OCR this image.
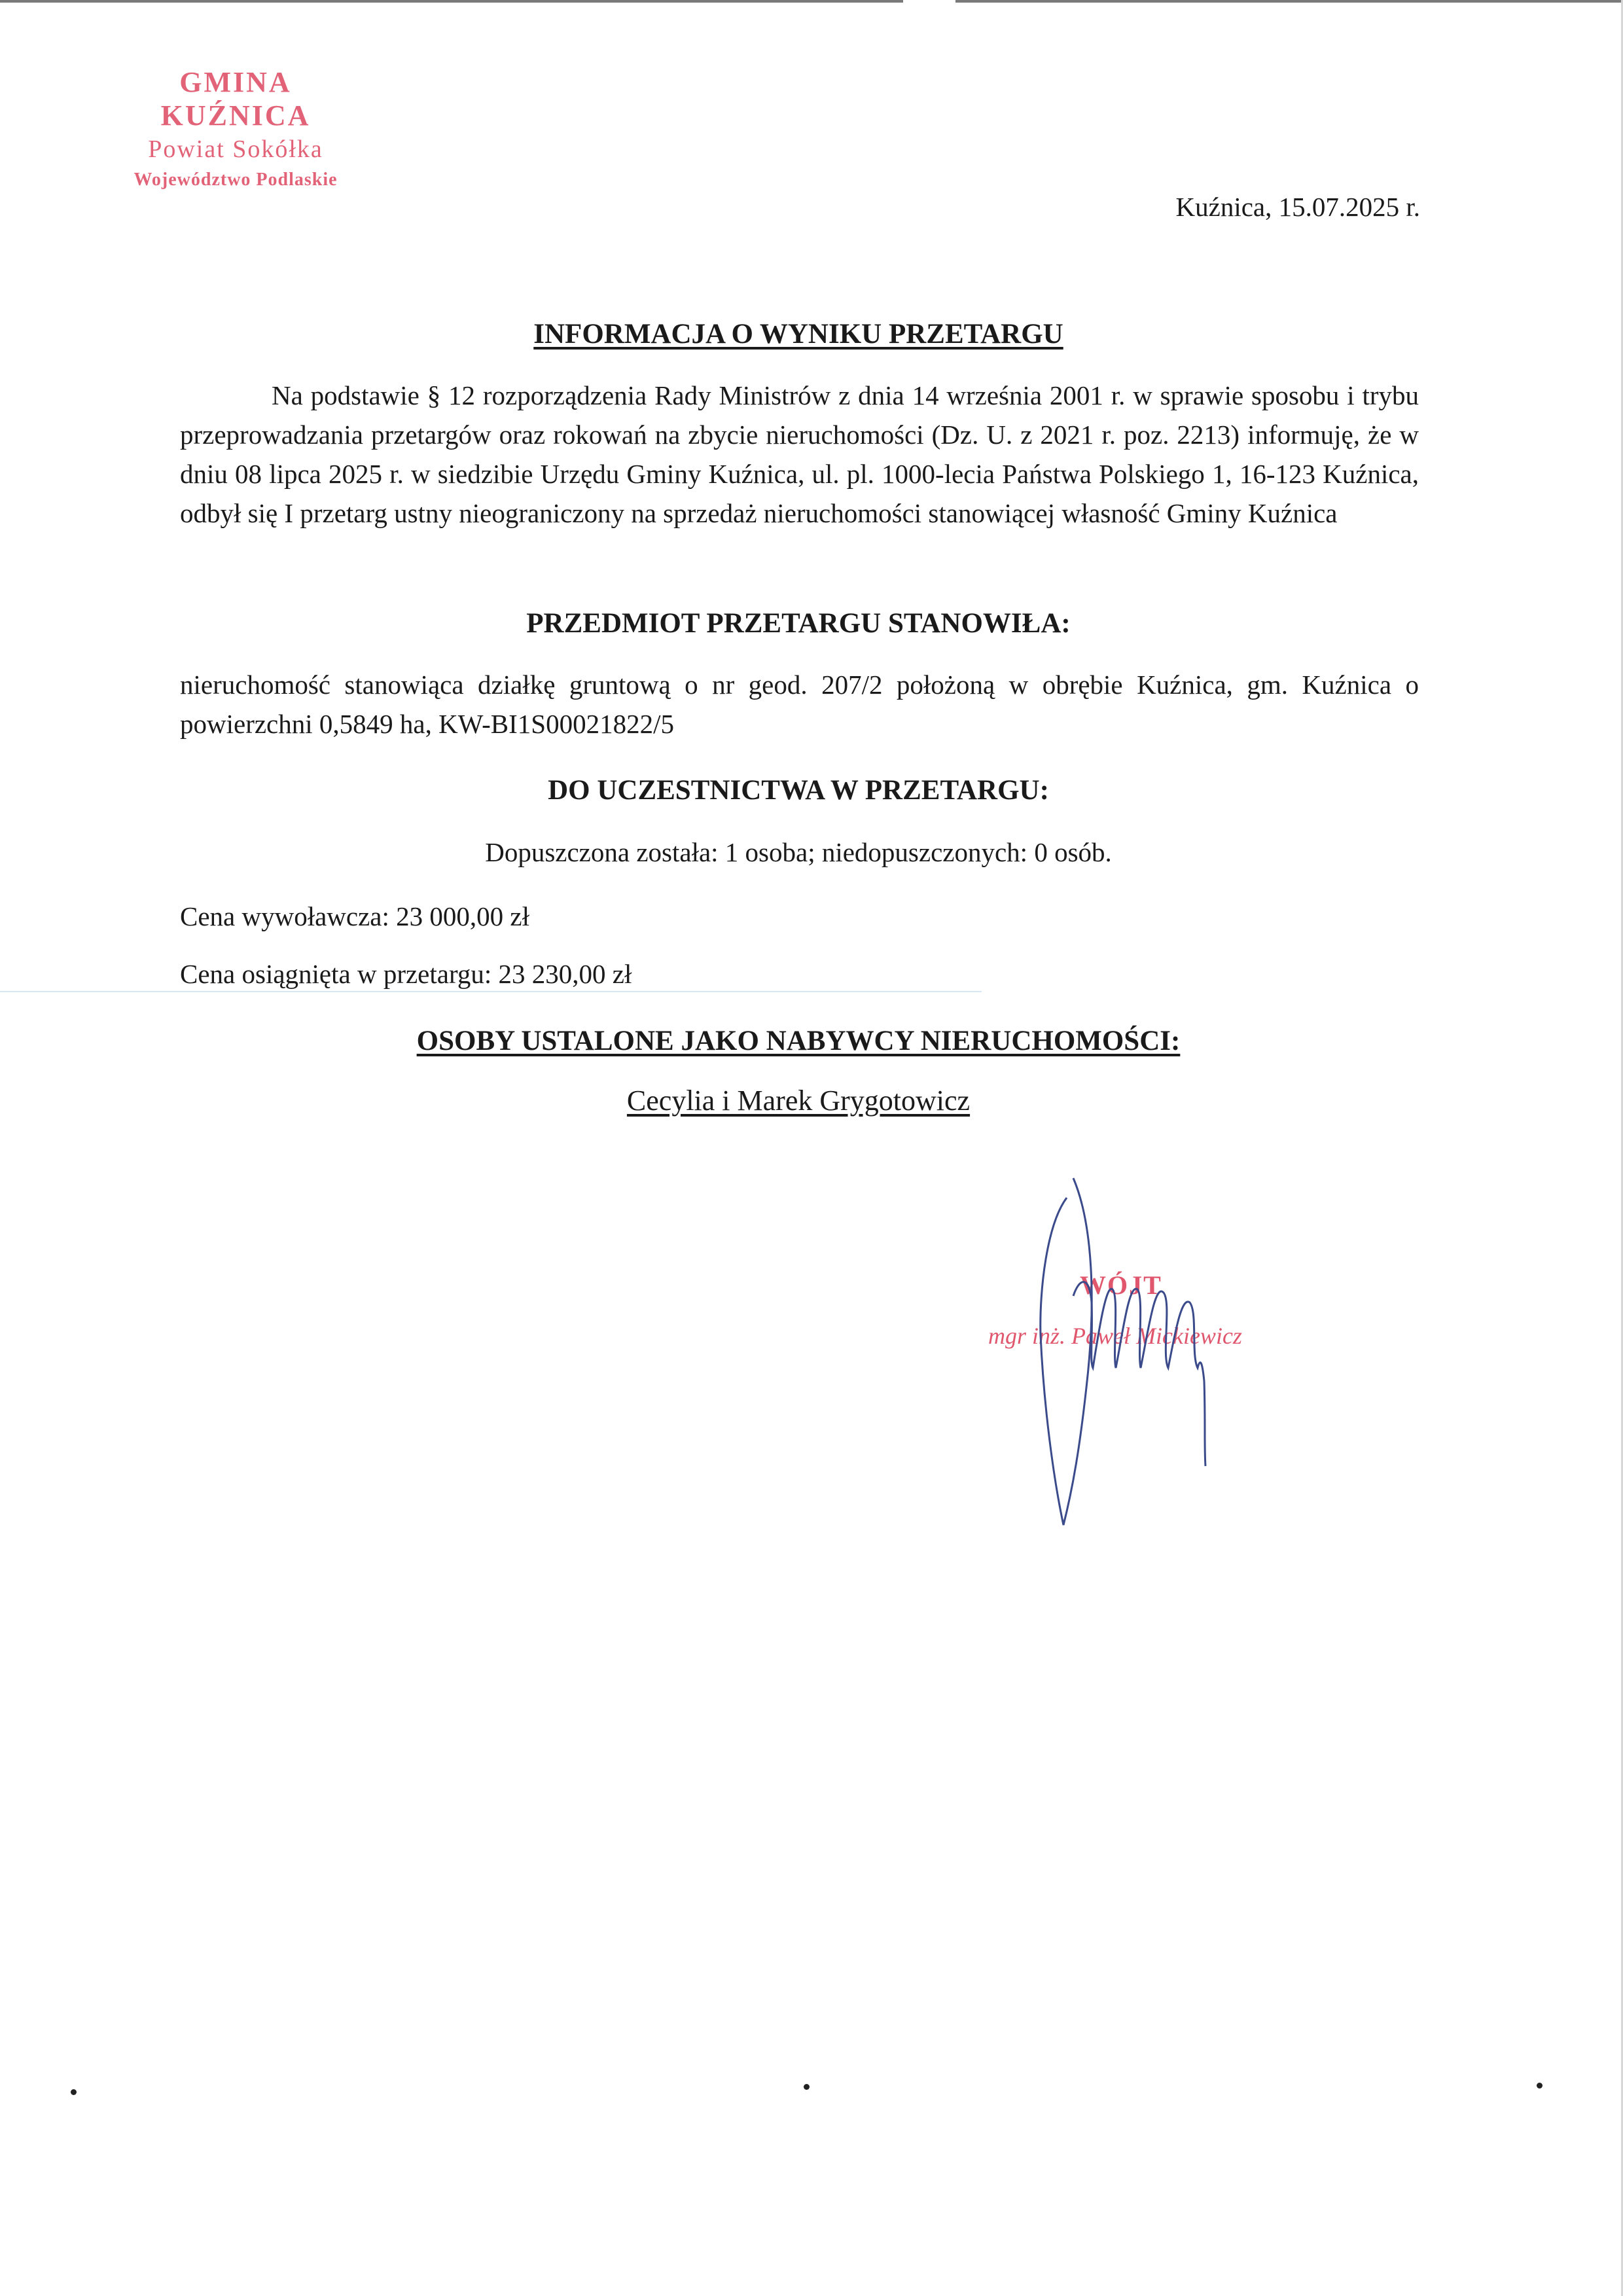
GMINA
KUŹNICA
Powiat Sokółka
Województwo Podlaskie
Kuźnica, 15.07.2025 r.
INFORMACJA O WYNIKU PRZETARGU
Na podstawie § 12 rozporządzenia Rady Ministrów z dnia 14 września 2001 r. w sprawie sposobu i trybu przeprowadzania przetargów oraz rokowań na zbycie nieruchomości (Dz. U. z 2021 r. poz. 2213) informuję, że w dniu 08 lipca 2025 r. w siedzibie Urzędu Gminy Kuźnica, ul. pl. 1000-lecia Państwa Polskiego 1, 16-123 Kuźnica, odbył się I przetarg ustny nieograniczony na sprzedaż nieruchomości stanowiącej własność Gminy Kuźnica
PRZEDMIOT PRZETARGU STANOWIŁA:
nieruchomość stanowiąca działkę gruntową o nr geod. 207/2 położoną w obrębie Kuźnica, gm. Kuźnica o powierzchni 0,5849 ha, KW-BI1S00021822/5
DO UCZESTNICTWA W PRZETARGU:
Dopuszczona została: 1 osoba; niedopuszczonych: 0 osób.
Cena wywoławcza: 23 000,00 zł
Cena osiągnięta w przetargu: 23 230,00 zł
OSOBY USTALONE JAKO NABYWCY NIERUCHOMOŚCI:
Cecylia i Marek Grygotowicz
WÓJT
mgr inż. Paweł Mickiewicz
